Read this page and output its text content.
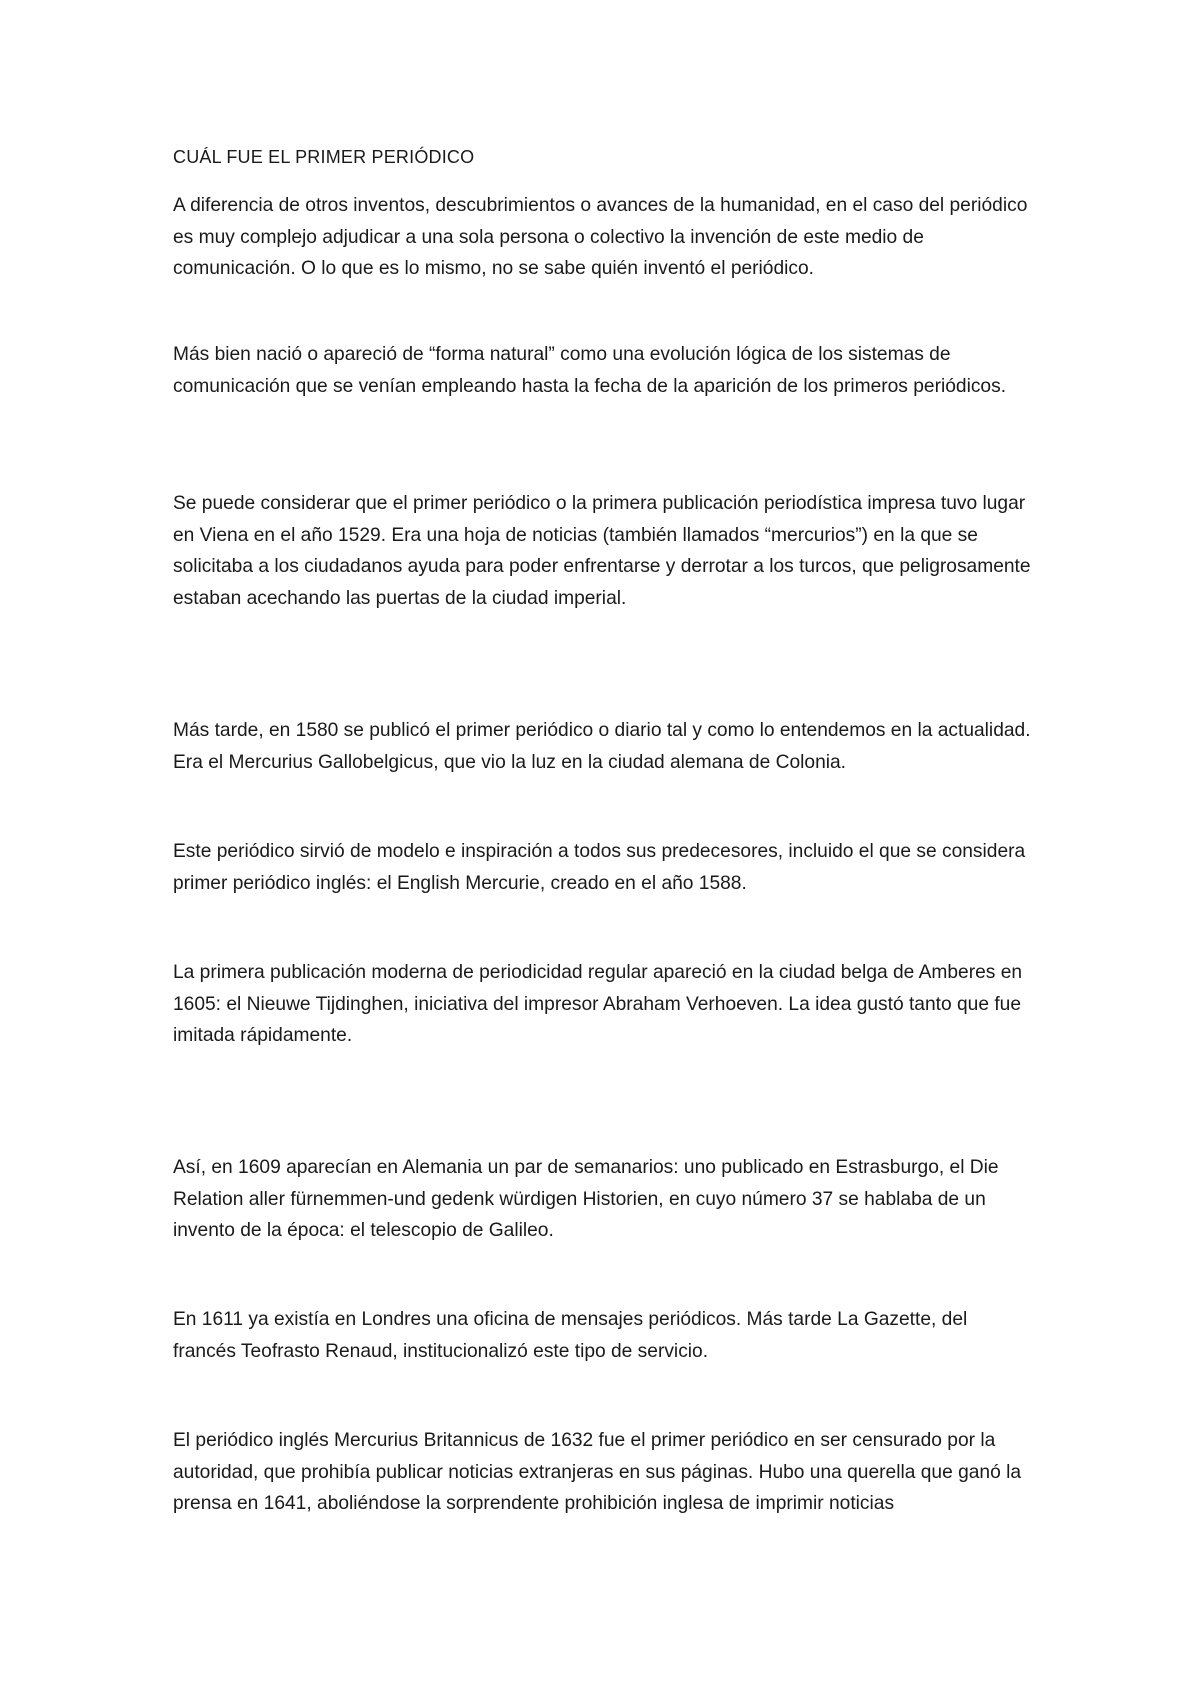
CUÁL FUE EL PRIMER PERIÓDICO

A diferencia de otros inventos, descubrimientos o avances de la humanidad, en el caso del periódico es muy complejo adjudicar a una sola persona o colectivo la invención de este medio de comunicación. O lo que es lo mismo, no se sabe quién inventó el periódico.

Más bien nació o apareció de “forma natural” como una evolución lógica de los sistemas de comunicación que se venían empleando hasta la fecha de la aparición de los primeros periódicos.

Se puede considerar que el primer periódico o la primera publicación periodística impresa tuvo lugar en Viena en el año 1529. Era una hoja de noticias (también llamados “mercurios”) en la que se solicitaba a los ciudadanos ayuda para poder enfrentarse y derrotar a los turcos, que peligrosamente estaban acechando las puertas de la ciudad imperial.

Más tarde, en 1580 se publicó el primer periódico o diario tal y como lo entendemos en la actualidad. Era el Mercurius Gallobelgicus, que vio la luz en la ciudad alemana de Colonia.

Este periódico sirvió de modelo e inspiración a todos sus predecesores, incluido el que se considera primer periódico inglés: el English Mercurie, creado en el año 1588.

La primera publicación moderna de periodicidad regular apareció en la ciudad belga de Amberes en 1605: el Nieuwe Tijdinghen, iniciativa del impresor Abraham Verhoeven. La idea gustó tanto que fue imitada rápidamente.

Así, en 1609 aparecían en Alemania un par de semanarios: uno publicado en Estrasburgo, el Die Relation aller fürnemmen-und gedenk würdigen Historien, en cuyo número 37 se hablaba de un invento de la época: el telescopio de Galileo.

En 1611 ya existía en Londres una oficina de mensajes periódicos. Más tarde La Gazette, del francés Teofrasto Renaud, institucionalizó este tipo de servicio.

El periódico inglés Mercurius Britannicus de 1632 fue el primer periódico en ser censurado por la autoridad, que prohibía publicar noticias extranjeras en sus páginas. Hubo una querella que ganó la prensa en 1641, aboliéndose la sorprendente prohibición inglesa de imprimir noticias
